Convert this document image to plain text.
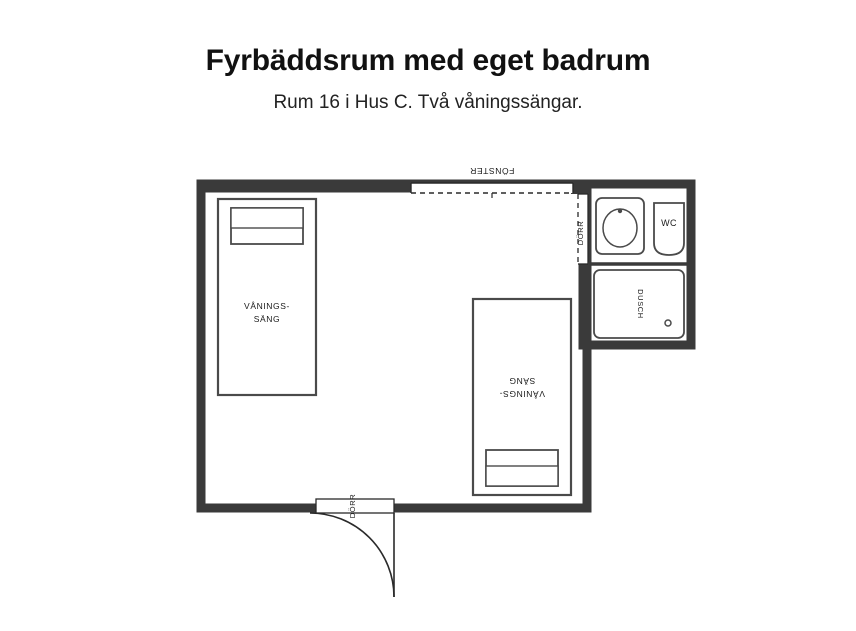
Fyrbäddsrum med eget badrum

Rum 16 i Hus C. Två våningssängar.

FÖNSTER
DÖRR
DÖRR
VÅNINGS-
SÄNG
VÅNINGS-
SÄNG
WC
DUSCH
